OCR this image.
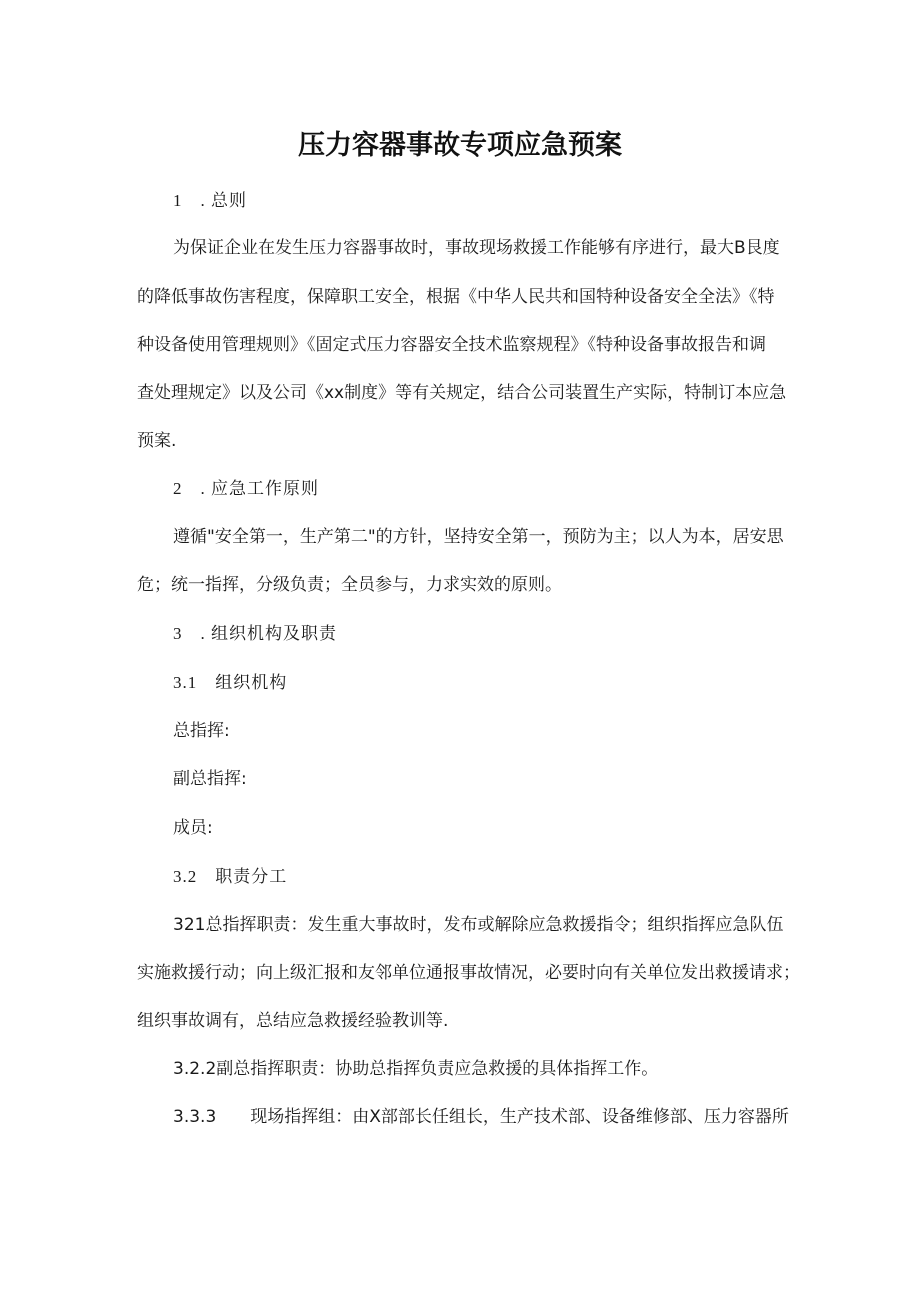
压力容器事故专项应急预案

1　. 总则

为保证企业在发生压力容器事故时，事故现场救援工作能够有序进行，最大B艮度

的降低事故伤害程度，保障职工安全，根据《中华人民共和国特种设备安全全法》《特

种设备使用管理规则》《固定式压力容器安全技术监察规程》《特种设备事故报告和调

查处理规定》以及公司《xx制度》等有关规定，结合公司装置生产实际，特制订本应急

预案.

2　. 应急工作原则

遵循"安全第一，生产第二"的方针，坚持安全第一，预防为主；以人为本，居安思

危；统一指挥，分级负责；全员参与，力求实效的原则。

3　. 组织机构及职责

3.1　组织机构

总指挥:

副总指挥:

成员:

3.2　职责分工

321总指挥职责：发生重大事故时，发布或解除应急救援指令；组织指挥应急队伍

实施救援行动；向上级汇报和友邻单位通报事故情况，必要时向有关单位发出救援请求；

组织事故调有，总结应急救援经验教训等.

3.2.2副总指挥职责：协助总指挥负责应急救援的具体指挥工作。

3.3.3　　现场指挥组：由X部部长任组长，生产技术部、设备维修部、压力容器所
